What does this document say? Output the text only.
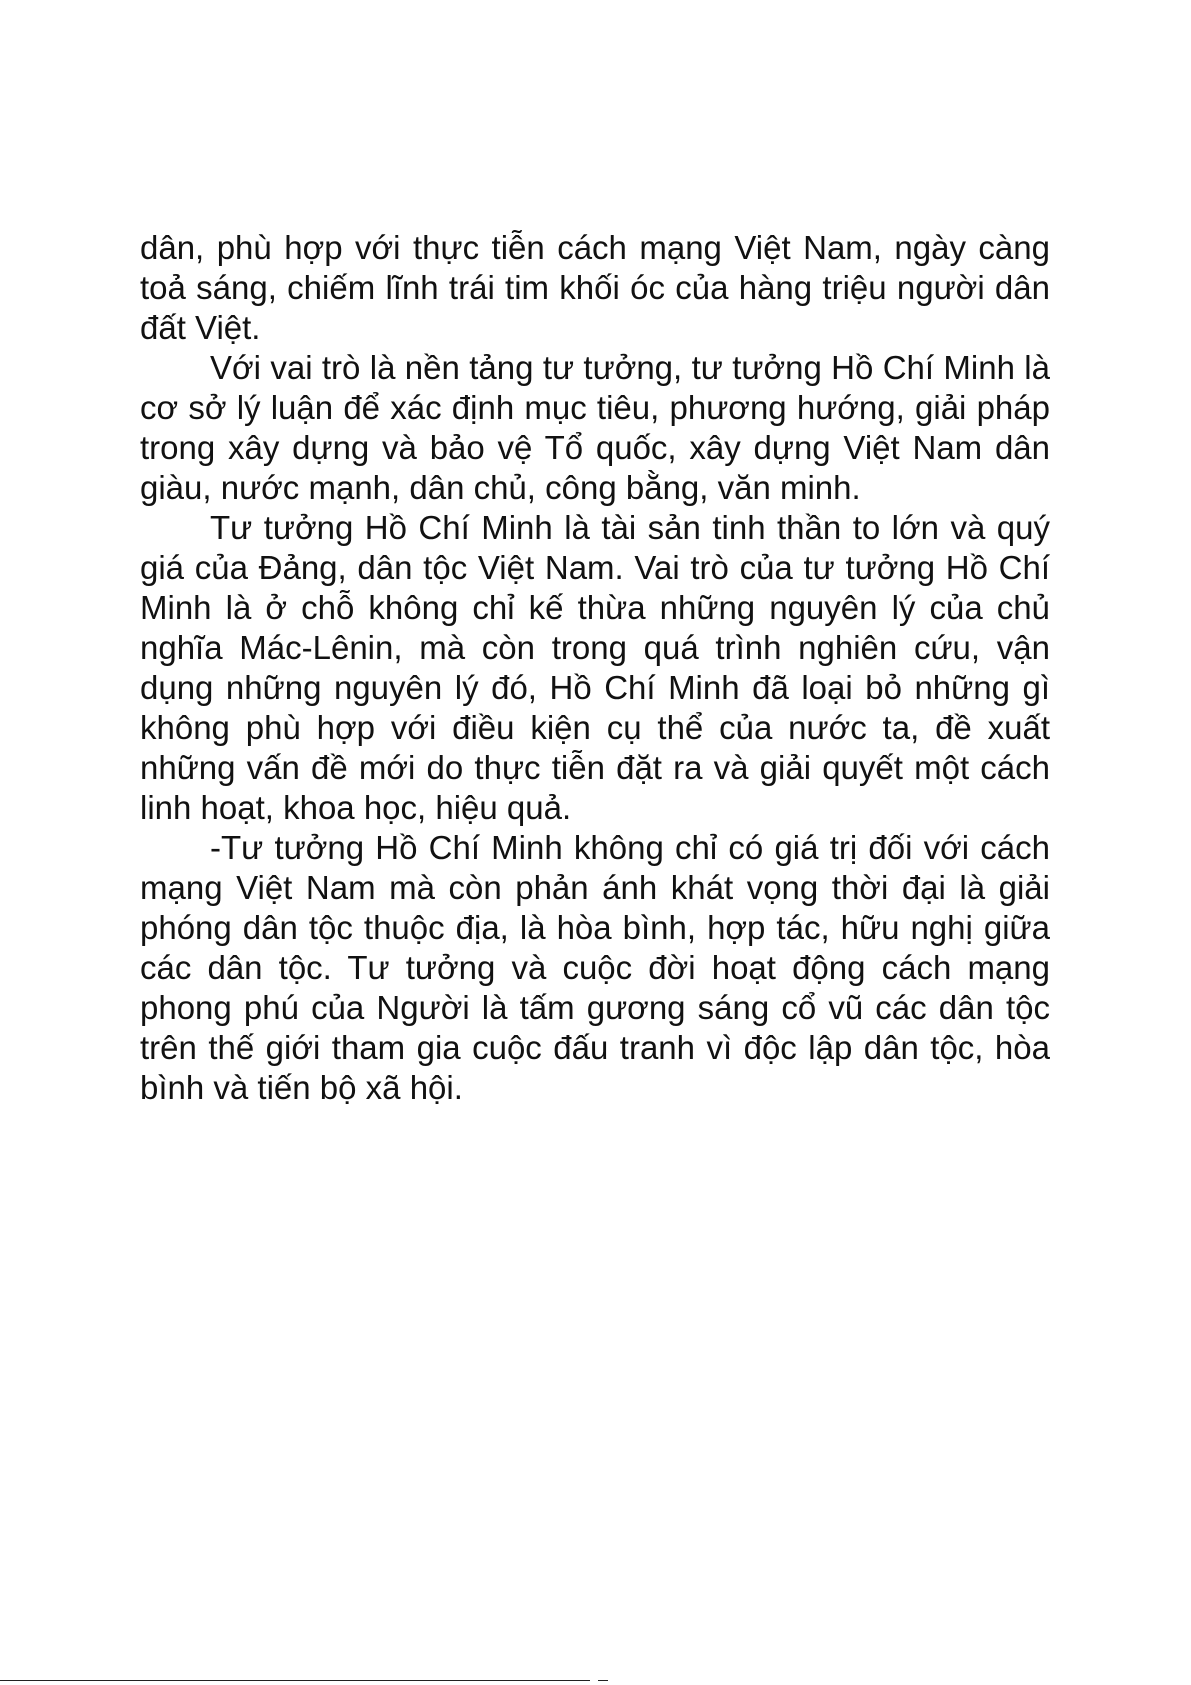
dân, phù hợp với thực tiễn cách mạng Việt Nam, ngày càng toả sáng, chiếm lĩnh trái tim khối óc của hàng triệu người dân đất Việt.

Với vai trò là nền tảng tư tưởng, tư tưởng Hồ Chí Minh là cơ sở lý luận để xác định mục tiêu, phương hướng, giải pháp trong xây dựng và bảo vệ Tổ quốc, xây dựng Việt Nam dân giàu, nước mạnh, dân chủ, công bằng, văn minh.

Tư tưởng Hồ Chí Minh là tài sản tinh thần to lớn và quý giá của Đảng, dân tộc Việt Nam. Vai trò của tư tưởng Hồ Chí Minh là ở chỗ không chỉ kế thừa những nguyên lý của chủ nghĩa Mác-Lênin, mà còn trong quá trình nghiên cứu, vận dụng những nguyên lý đó, Hồ Chí Minh đã loại bỏ những gì không phù hợp với điều kiện cụ thể của nước ta, đề xuất những vấn đề mới do thực tiễn đặt ra và giải quyết một cách linh hoạt, khoa học, hiệu quả.

-Tư tưởng Hồ Chí Minh không chỉ có giá trị đối với cách mạng Việt Nam mà còn phản ánh khát vọng thời đại là giải phóng dân tộc thuộc địa, là hòa bình, hợp tác, hữu nghị giữa các dân tộc. Tư tưởng và cuộc đời hoạt động cách mạng phong phú của Người là tấm gương sáng cổ vũ các dân tộc trên thế giới tham gia cuộc đấu tranh vì độc lập dân tộc, hòa bình và tiến bộ xã hội.
